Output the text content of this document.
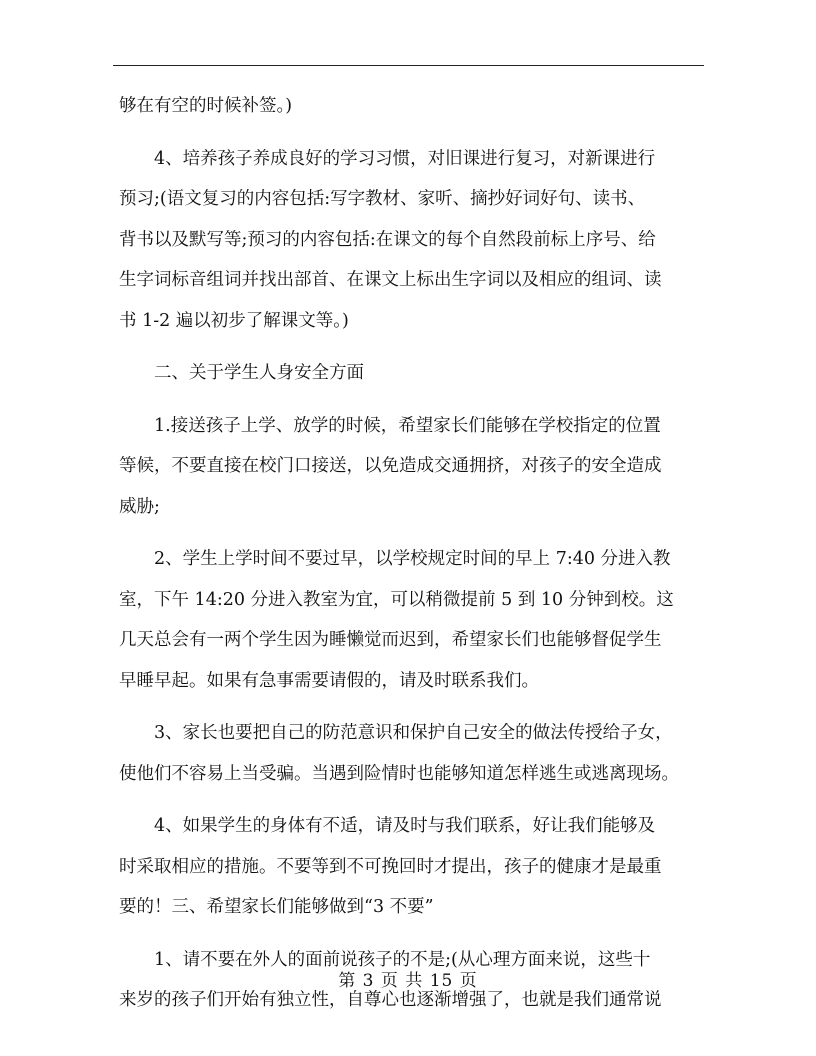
够在有空的时候补签。)
4、培养孩子养成良好的学习习惯，对旧课进行复习，对新课进行
预习;(语文复习的内容包括:写字教材、家听、摘抄好词好句、读书、
背书以及默写等;预习的内容包括:在课文的每个自然段前标上序号、给
生字词标音组词并找出部首、在课文上标出生字词以及相应的组词、读
书 1-2 遍以初步了解课文等。)
二、关于学生人身安全方面
1.接送孩子上学、放学的时候，希望家长们能够在学校指定的位置
等候，不要直接在校门口接送，以免造成交通拥挤，对孩子的安全造成
威胁;
2、学生上学时间不要过早，以学校规定时间的早上 7:40 分进入教
室，下午 14:20 分进入教室为宜，可以稍微提前 5 到 10 分钟到校。这
几天总会有一两个学生因为睡懒觉而迟到，希望家长们也能够督促学生
早睡早起。如果有急事需要请假的，请及时联系我们。
3、家长也要把自己的防范意识和保护自己安全的做法传授给子女，
使他们不容易上当受骗。当遇到险情时也能够知道怎样逃生或逃离现场。
4、如果学生的身体有不适，请及时与我们联系，好让我们能够及
时采取相应的措施。不要等到不可挽回时才提出，孩子的健康才是最重
要的！三、希望家长们能够做到“3 不要”
1、请不要在外人的面前说孩子的不是;(从心理方面来说，这些十
来岁的孩子们开始有独立性，自尊心也逐渐增强了，也就是我们通常说
第 3 页 共 15 页
